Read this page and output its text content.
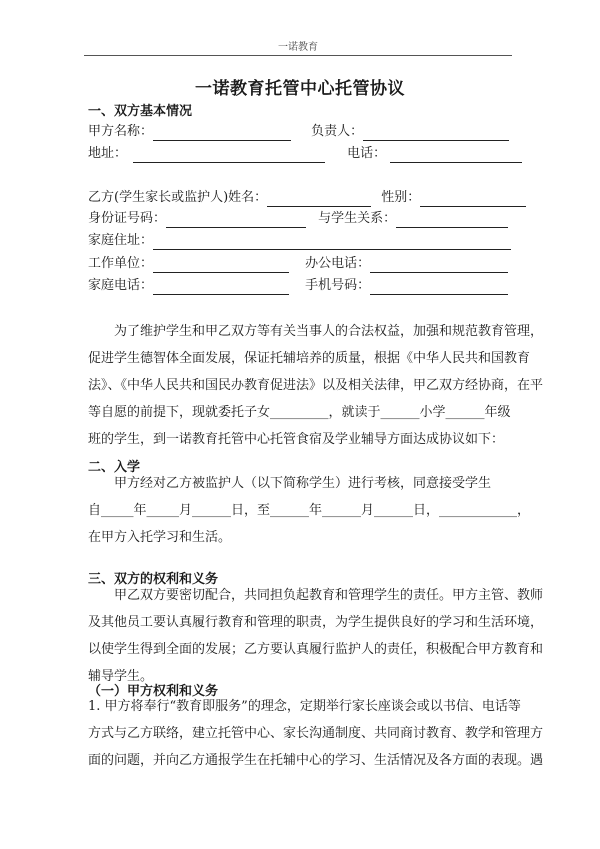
一诺教育
一诺教育托管中心托管协议
一、双方基本情况
甲方名称：	负责人：
地址：	电话：
乙方(学生家长或监护人)姓名：	性别：
身份证号码：	与学生关系：
家庭住址：
工作单位：	办公电话：
家庭电话：	手机号码：
为了维护学生和甲乙双方等有关当事人的合法权益，加强和规范教育管理，
促进学生德智体全面发展，保证托辅培养的质量，根据《中华人民共和国教育
法》、《中华人民共和国民办教育促进法》以及相关法律，甲乙双方经协商，在平
等自愿的前提下，现就委托子女_________，就读于______小学______年级
班的学生，到一诺教育托管中心托管食宿及学业辅导方面达成协议如下：
二、入学
甲方经对乙方被监护人（以下简称学生）进行考核，同意接受学生
自_____年_____月______日，至______年______月______日，____________，
在甲方入托学习和生活。
三、双方的权利和义务
甲乙双方要密切配合，共同担负起教育和管理学生的责任。甲方主管、教师
及其他员工要认真履行教育和管理的职责，为学生提供良好的学习和生活环境，
以使学生得到全面的发展；乙方要认真履行监护人的责任，积极配合甲方教育和
辅导学生。
（一）甲方权利和义务
1. 甲方将奉行“教育即服务”的理念，定期举行家长座谈会或以书信、电话等
方式与乙方联络，建立托管中心、家长沟通制度、共同商讨教育、教学和管理方
面的问题，并向乙方通报学生在托辅中心的学习、生活情况及各方面的表现。遇
